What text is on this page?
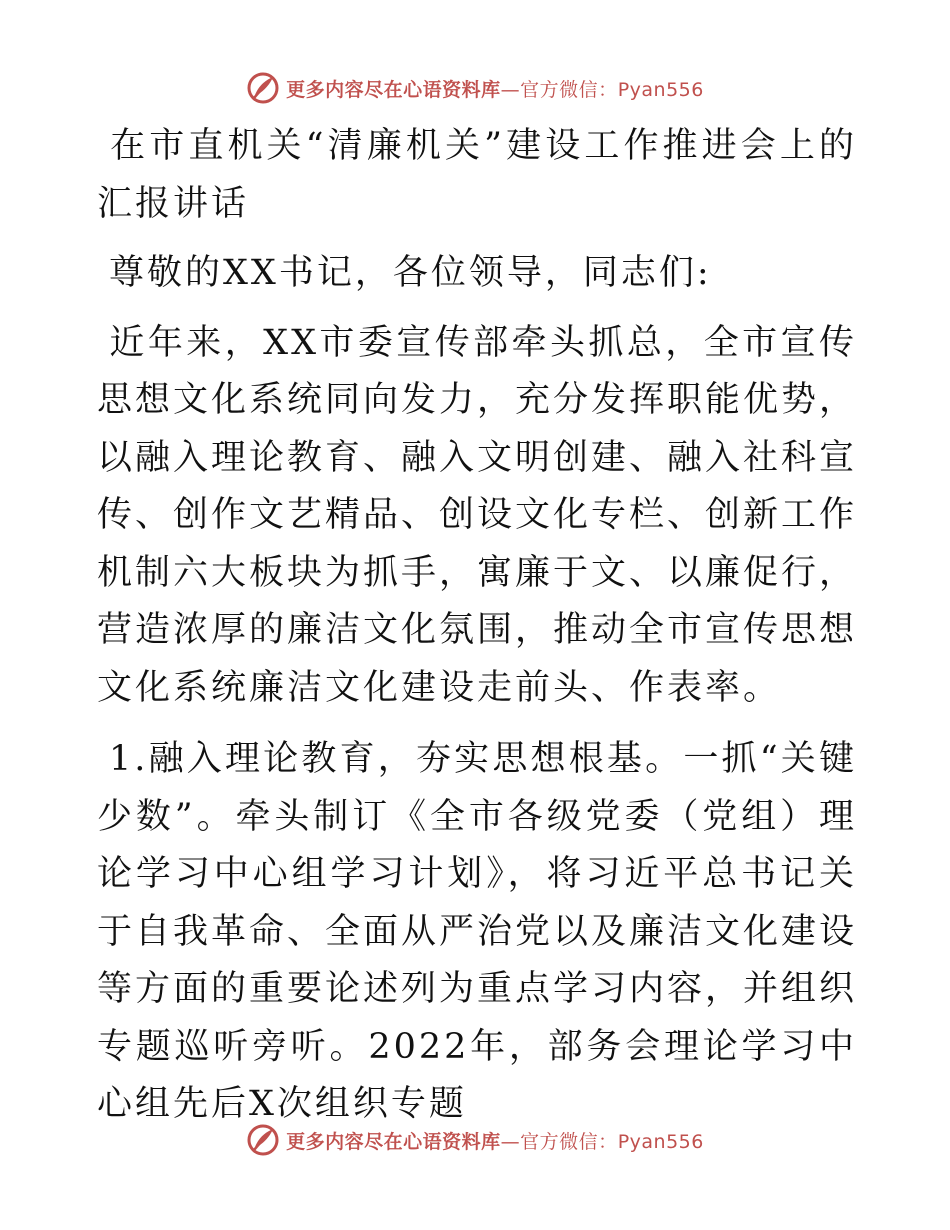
更多内容尽在心语资料库—官方微信：Pyan556

在市直机关“清廉机关”建设工作推进会上的汇报讲话

尊敬的XX书记，各位领导，同志们:

近年来，XX市委宣传部牵头抓总，全市宣传思想文化系统同向发力，充分发挥职能优势，以融入理论教育、融入文明创建、融入社科宣传、创作文艺精品、创设文化专栏、创新工作机制六大板块为抓手，寓廉于文、以廉促行，营造浓厚的廉洁文化氛围，推动全市宣传思想文化系统廉洁文化建设走前头、作表率。

1.融入理论教育，夯实思想根基。一抓“关键少数”。牵头制订《全市各级党委（党组）理论学习中心组学习计划》，将习近平总书记关于自我革命、全面从严治党以及廉洁文化建设等方面的重要论述列为重点学习内容，并组织专题巡听旁听。2022年，部务会理论学习中心组先后X次组织专题

更多内容尽在心语资料库—官方微信：Pyan556
